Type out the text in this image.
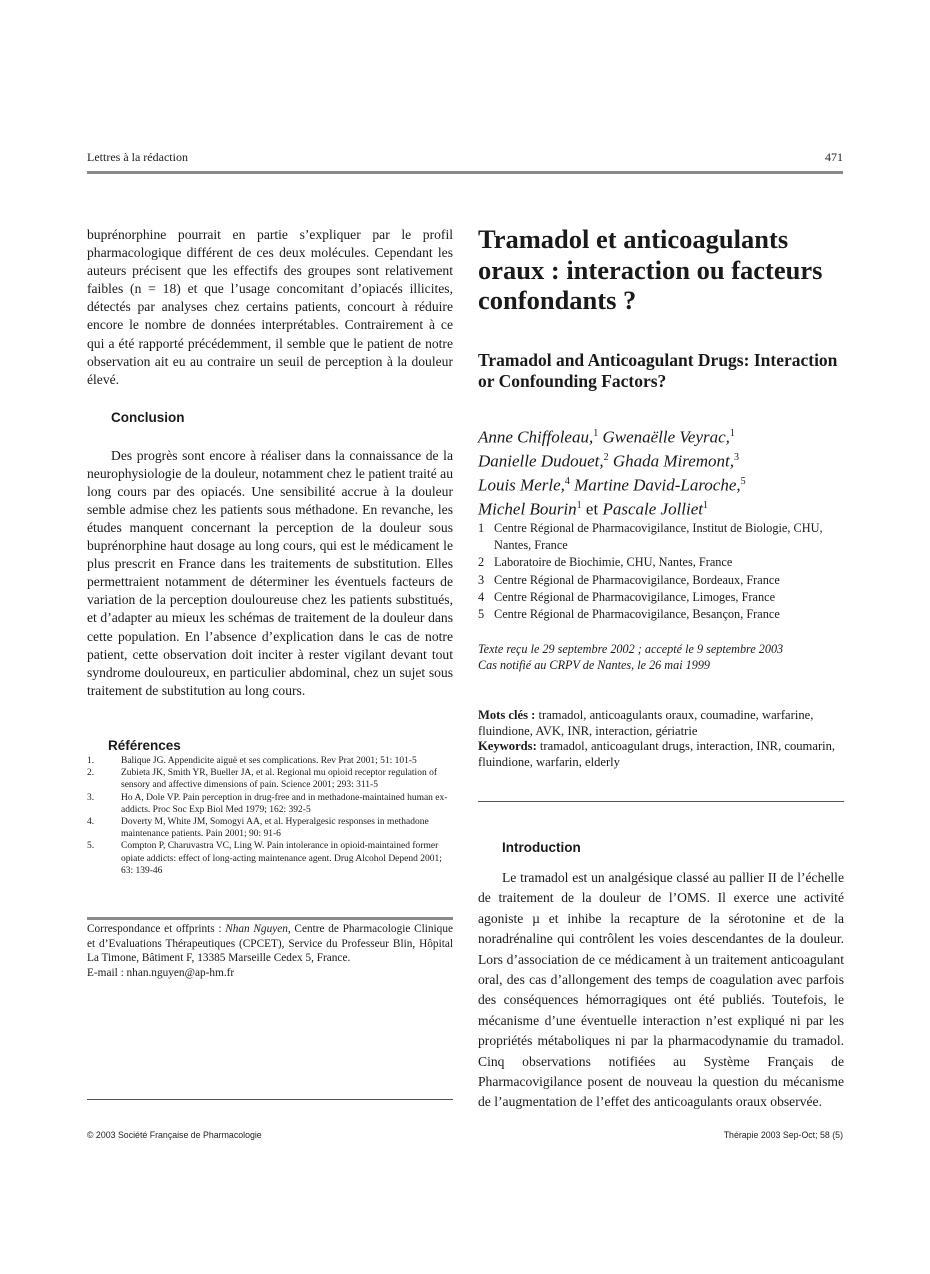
Lettres à la rédaction	471

buprénorphine pourrait en partie s’expliquer par le profil pharmacologique différent de ces deux molécules. Cependant les auteurs précisent que les effectifs des groupes sont relativement faibles (n = 18) et que l’usage concomitant d’opiacés illicites, détectés par analyses chez certains patients, concourt à réduire encore le nombre de données interprétables. Contrairement à ce qui a été rapporté précédemment, il semble que le patient de notre observation ait eu au contraire un seuil de perception à la douleur élevé.

Conclusion

Des progrès sont encore à réaliser dans la connaissance de la neurophysiologie de la douleur, notamment chez le patient traité au long cours par des opiacés. Une sensibilité accrue à la douleur semble admise chez les patients sous méthadone. En revanche, les études manquent concernant la perception de la douleur sous buprénorphine haut dosage au long cours, qui est le médicament le plus prescrit en France dans les traitements de substitution. Elles permettraient notamment de déterminer les éventuels facteurs de variation de la perception douloureuse chez les patients substitués, et d’adapter au mieux les schémas de traitement de la douleur dans cette population. En l’absence d’explication dans le cas de notre patient, cette observation doit inciter à rester vigilant devant tout syndrome douloureux, en particulier abdominal, chez un sujet sous traitement de substitution au long cours.

Références
1.	Balique JG. Appendicite aiguë et ses complications. Rev Prat 2001; 51: 101-5
2.	Zubieta JK, Smith YR, Bueller JA, et al. Regional mu opioid receptor regulation of sensory and affective dimensions of pain. Science 2001; 293: 311-5
3.	Ho A, Dole VP. Pain perception in drug-free and in methadone-maintained human ex-addicts. Proc Soc Exp Biol Med 1979; 162: 392-5
4.	Doverty M, White JM, Somogyi AA, et al. Hyperalgesic responses in methadone maintenance patients. Pain 2001; 90: 91-6
5.	Compton P, Charuvastra VC, Ling W. Pain intolerance in opioid-maintained former opiate addicts: effect of long-acting maintenance agent. Drug Alcohol Depend 2001; 63: 139-46
Correspondance et offprints : Nhan Nguyen, Centre de Pharmacologie Clinique et d’Evaluations Thérapeutiques (CPCET), Service du Professeur Blin, Hôpital La Timone, Bâtiment F, 13385 Marseille Cedex 5, France.
E-mail : nhan.nguyen@ap-hm.fr
Tramadol et anticoagulants oraux : interaction ou facteurs confondants ?
Tramadol and Anticoagulant Drugs: Interaction or Confounding Factors?
Anne Chiffoleau,$^1$ Gwenaëlle Veyrac,$^1$
Danielle Dudouet,$^2$ Ghada Miremont,$^3$
Louis Merle,$^4$ Martine David-Laroche,$^5$
Michel Bourin$^1$ et Pascale Jolliet$^1$
1 Centre Régional de Pharmacovigilance, Institut de Biologie, CHU, Nantes, France
2 Laboratoire de Biochimie, CHU, Nantes, France
3 Centre Régional de Pharmacovigilance, Bordeaux, France
4 Centre Régional de Pharmacovigilance, Limoges, France
5 Centre Régional de Pharmacovigilance, Besançon, France
Texte reçu le 29 septembre 2002 ; accepté le 9 septembre 2003
Cas notifié au CRPV de Nantes, le 26 mai 1999
Mots clés : tramadol, anticoagulants oraux, coumadine, warfarine, fluindione, AVK, INR, interaction, gériatrie
Keywords: tramadol, anticoagulant drugs, interaction, INR, coumarin, fluindione, warfarin, elderly
Introduction

Le tramadol est un analgésique classé au pallier II de l’échelle de traitement de la douleur de l’OMS. Il exerce une activité agoniste µ et inhibe la recapture de la sérotonine et de la noradrénaline qui contrôlent les voies descendantes de la douleur. Lors d’association de ce médicament à un traitement anticoagulant oral, des cas d’allongement des temps de coagulation avec parfois des conséquences hémorragiques ont été publiés. Toutefois, le mécanisme d’une éventuelle interaction n’est expliqué ni par les propriétés métaboliques ni par la pharmacodynamie du tramadol. Cinq observations notifiées au Système Français de Pharmacovigilance posent de nouveau la question du mécanisme de l’augmentation de l’effet des anticoagulants oraux observée.

© 2003 Société Française de Pharmacologie	Thérapie 2003 Sep-Oct; 58 (5)
